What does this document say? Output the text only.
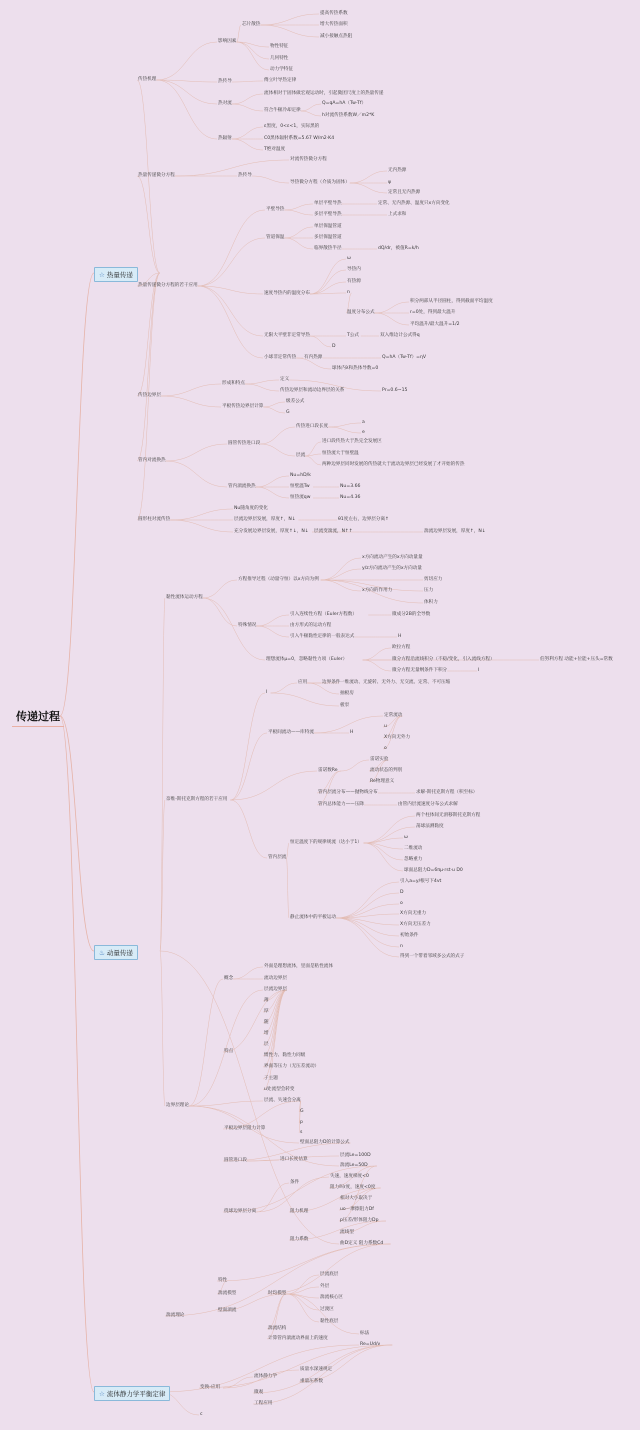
传递过程
☆ 热量传递
♨ 动量传递
☆ 流体静力学平衡定律
传热机理
影响因素
芯片散热
提高传热系数
增大传热面积
减小接触点热阻
物性特征
几何特性
动力学特征
热传导	傅立叶导热定律
热对流
流体相对于固体做宏观运动时，引起微团尺度上的热量传递
符合牛顿冷却定律
Q=qA=hA（Tw-Tf）
h对流传热系数W／m2*K
热辐射
ε黑度，0<ε<1，实际黑的
C0黑体辐射系数=5.67 W/m2·K4
T绝对温度
热量传递微分方程
对流传热微分方程
热传导
导热微分方程（介质为固体）
无内热源
ψ
定常且无内热源
热量传递微分方程的若干应用
平壁导热
单层平壁导热	定常、无内热源、温度只x方向变化
多层平壁导热	上式求和
管道保温
单层保温管道
多层保温管道
临界散热半径	dQ/dr，被值R=k/h
速度导热内的温度分布
ω
导热内
有热源
n
温度分布公式
积分两部从半径圆柱，得到截面平均温度
r=0处，得到最大温升
平均温升/最大温升=1/2
无限大平壁非定常导热	T公式	双入维边计公式得q
D
小球非定常传热 有内热源	Q=hA（Tw-Tf）=ηV
球体内λ和热体导数=0
传热边界层
形成和特点
定义
传热边界层和流动边界层的关系	Pr=0.6~15
平板传热边界层计算
级差公式
G
管内对流换热
圆管传热进口段
传热进口段长度
a
e
层流
进口段传热大于热完全发展区
恒热流大于恒壁温
两种边界层同时发展的传热就大于流动边界层已经发展了才开始的传热
管内湍流换热
Nu=hD/k
恒壁温Tw	Nu=3.66
恒热流qw	Nu=4.36
圆形柱对流传热
Nu随角度的变化
层流边界层发展，厚度↑，N↓	θ1度左右，边界层分离↑
充分发展边界层发展，厚度↑↓，N↓ 层流变湍流，N↑↑	湍流边界层发展，厚度↑，N↓
黏性流体运动方程
方程推导过程（动量守恒）以x方向为例
x方向流动产生的x方向动量量
y/z方向流动产生的x方向动量
剪切应力
x方向的作用力	压力
体积力
特殊情况
引入连续性方程（Euler方程数）	微成分2B的全导数
由方形式的运动方程
引入牛顿黏性定律的一般表达式	H
理想流体μ=0，忽略黏性力项（Euler）
欧拉方程
微分方程沿流线积分（不稳/变化，引入流线方程）	伯努利方程 动能+位能+压头=常数
微分方程无量纲条件下积分	I
奈维-斯托克斯方程的若干应用
I
应用	边界条件 一维流动、无旋转、无外力、无交流、定常、不可压缩
抽板房
板泵
平板间流动——库特流	H
定常流动
u
X方向无外力
o
雷诺数Re
雷诺实验
流动状态的判别
Re物理意义
管内层流分布——抛物线分布	求解-斯托克斯方程（积至标）
管内总体能力——压降	由管内层流速度分布公式求解
管内层流
恒定温度下的规律规流（达小于1）
两个柱体间无滑移斯托克斯方程
荡球法测黏度
ω
二维流动
忽略重力
球面总阻力D=6πμ·rst·u D0
静止流体中的平板运动
引入a=y/根号下4vt
D
o
X方向无重力
X方向无压差力
初始条件
n
得到一个带着邻域多公式的式子
边界层理论
概念
外面是理想流体，里面是粘性流体
流动边界层
层流边界层
特点
薄
厚
随
增
层
惯性力、黏性力同级
界面等压力（无压差流动）
子主题
u处流型会转变
层流、失速会分离
平板边界层阻力计算
G
p
s
壁面总阻力D的计算公式
圆管进口段	进口长度估算
层流Le=100D
湍流Le=50D
绕球边界层分离
条件
失速，速度梯度<0
阻力叫r度，速度<0度
阻力机理
相对大小取决于
uo－摩擦阻力Df
p压差/形体阻力Dp
阻力系数
流线型
曲D定义 阻力系数Cd
湍流理论
特性
湍流模型	时均模型
壁面湍流
湍流结构
层流底层
外层
湍流核心区
过渡区
黏性底层
计算管内湍流动界面上的速度
标法
Re=Ud/ν
变换-应用
流体静力学
质量水深速规定
重量压系数
微观
工程应用
c
